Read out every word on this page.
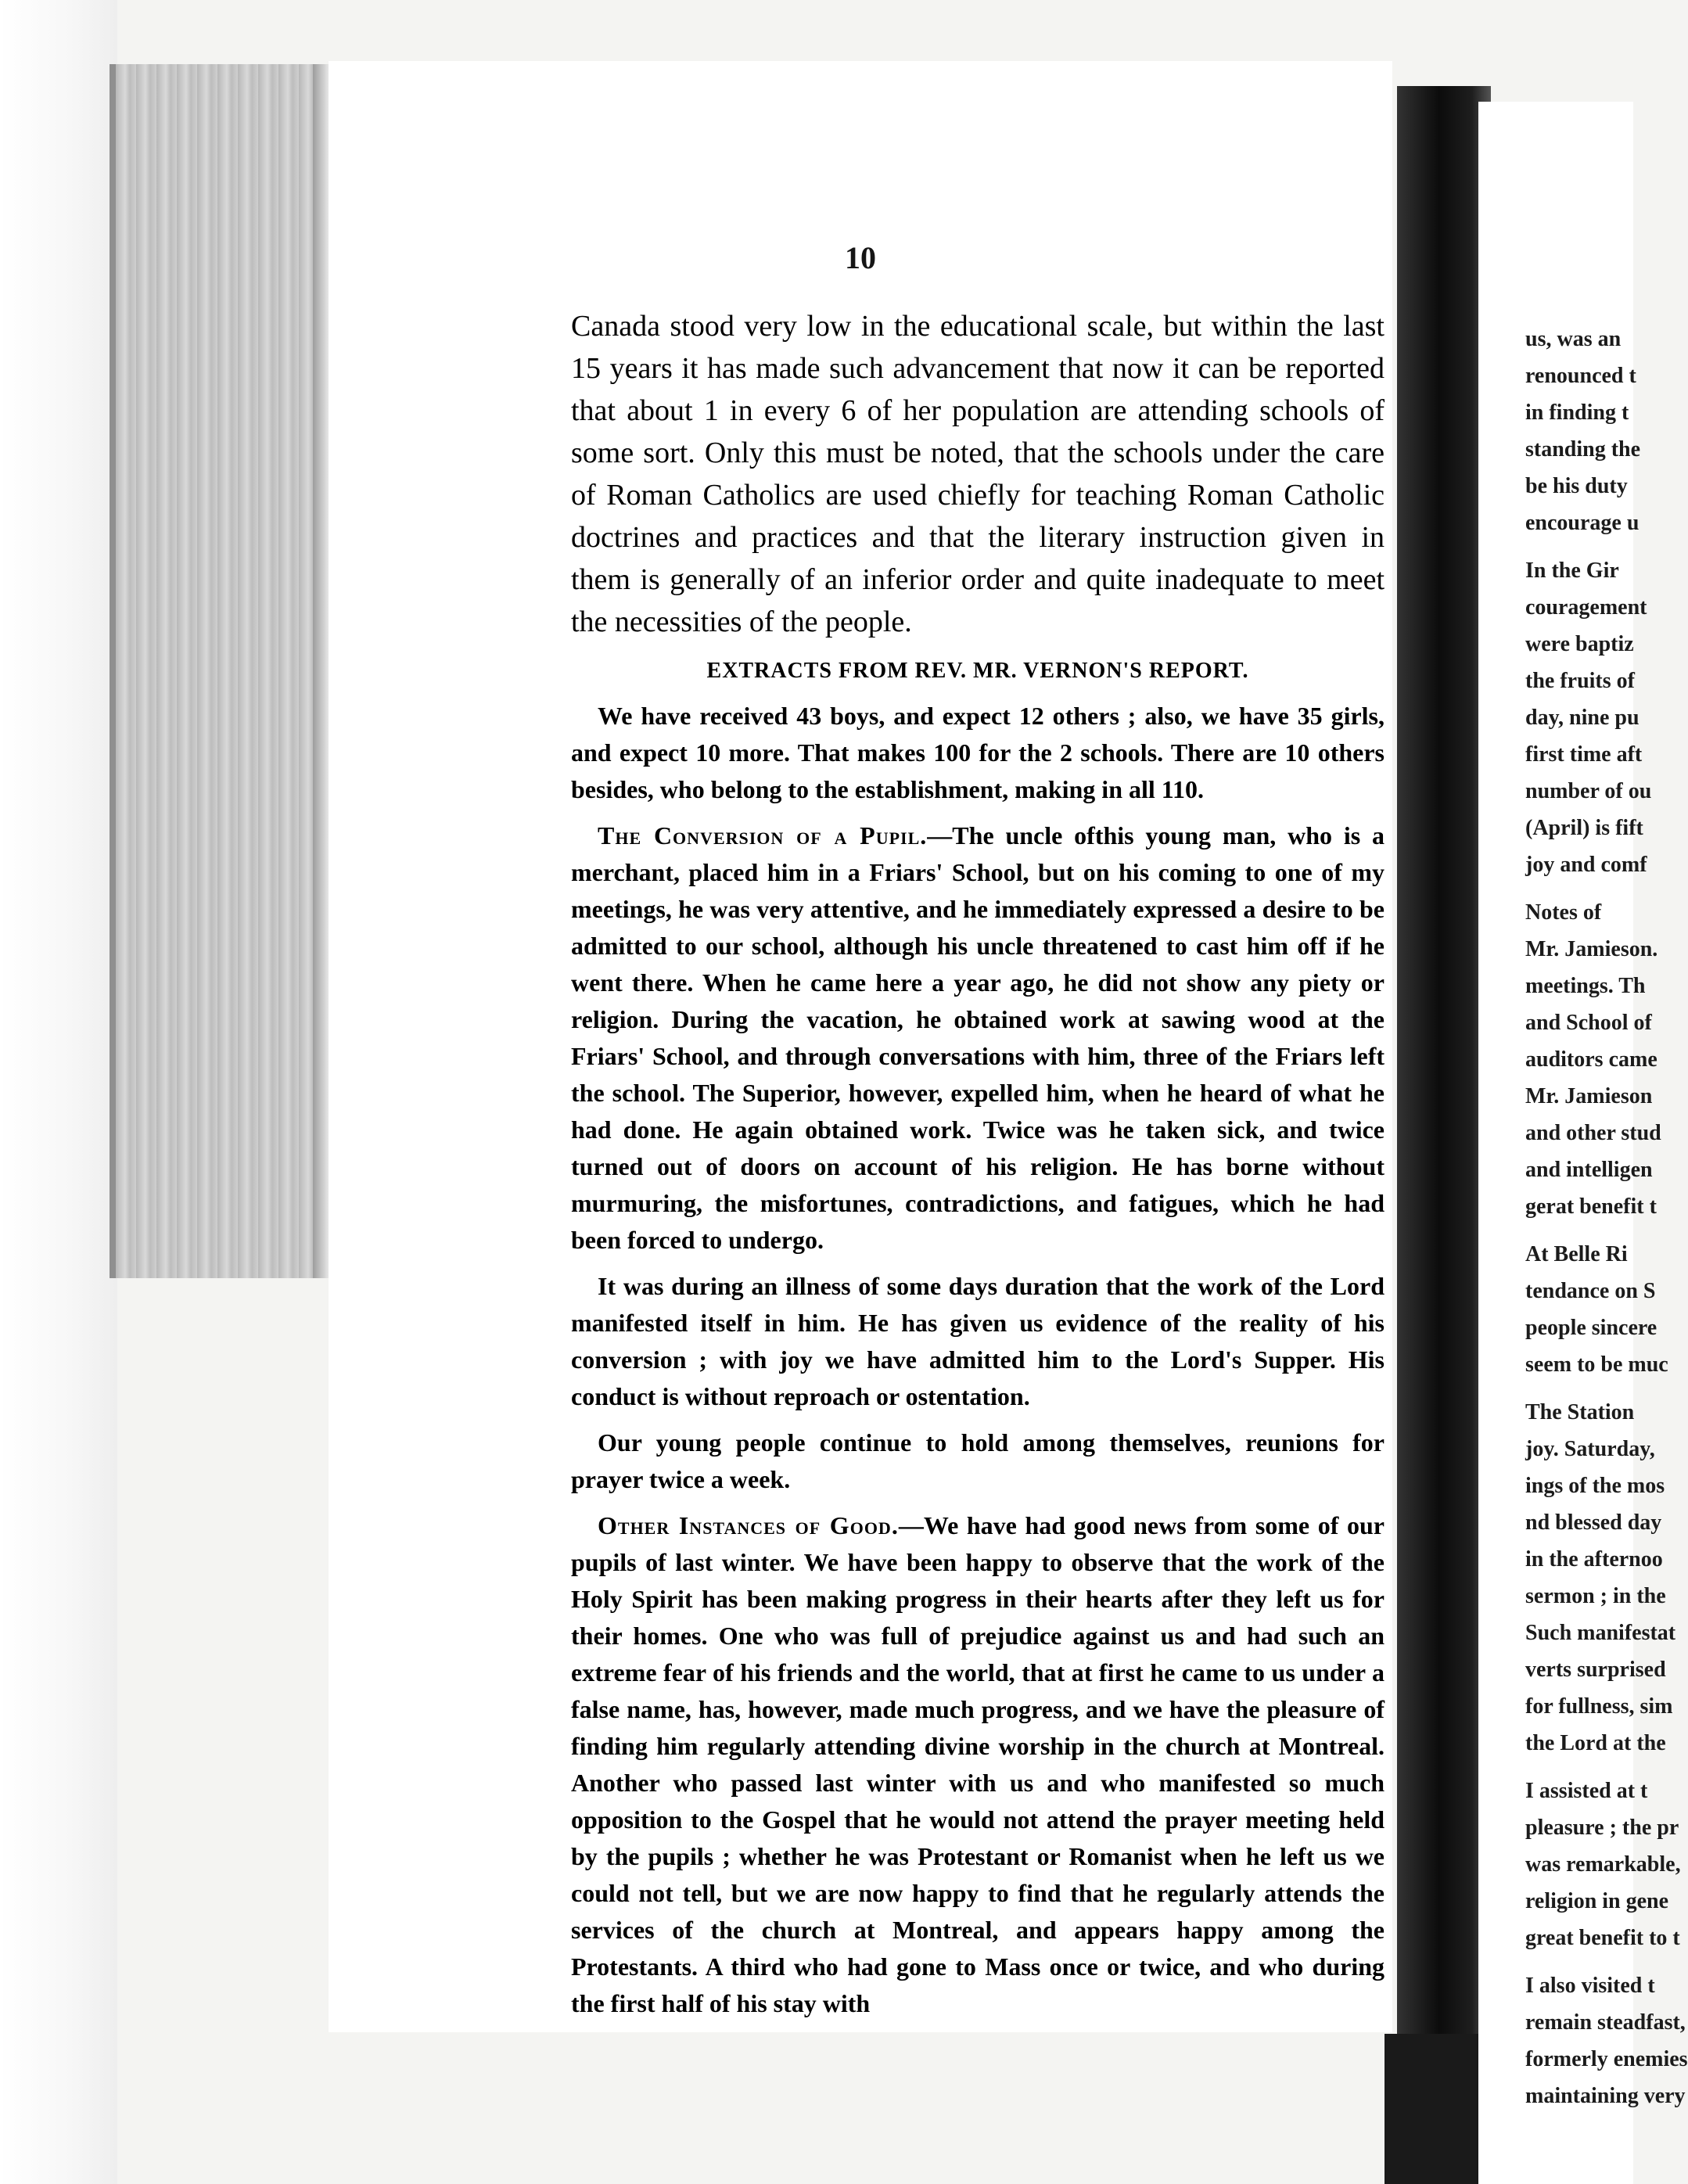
10

Canada stood very low in the educational scale, but within the last 15 years it has made such advancement that now it can be reported that about 1 in every 6 of her population are attending schools of some sort. Only this must be noted, that the schools under the care of Roman Catholics are used chiefly for teaching Roman Catholic doctrines and practices and that the literary instruction given in them is generally of an inferior order and quite inadequate to meet the necessities of the people.

EXTRACTS FROM REV. MR. VERNON'S REPORT.

We have received 43 boys, and expect 12 others ; also, we have 35 girls, and expect 10 more. That makes 100 for the 2 schools. There are 10 others besides, who belong to the establishment, making in all 110.

The Conversion of a Pupil.—The uncle ofthis young man, who is a merchant, placed him in a Friars' School, but on his coming to one of my meetings, he was very attentive, and he immediately expressed a desire to be admitted to our school, although his uncle threatened to cast him off if he went there. When he came here a year ago, he did not show any piety or religion. During the vacation, he obtained work at sawing wood at the Friars' School, and through conversations with him, three of the Friars left the school. The Superior, however, expelled him, when he heard of what he had done. He again obtained work. Twice was he taken sick, and twice turned out of doors on account of his religion. He has borne without murmuring, the misfortunes, contradictions, and fatigues, which he had been forced to undergo.

It was during an illness of some days duration that the work of the Lord manifested itself in him. He has given us evidence of the reality of his conversion ; with joy we have admitted him to the Lord's Supper. His conduct is without reproach or ostentation.

Our young people continue to hold among themselves, reunions for prayer twice a week.

Other Instances of Good.—We have had good news from some of our pupils of last winter. We have been happy to observe that the work of the Holy Spirit has been making progress in their hearts after they left us for their homes. One who was full of prejudice against us and had such an extreme fear of his friends and the world, that at first he came to us under a false name, has, however, made much progress, and we have the pleasure of finding him regularly attending divine worship in the church at Montreal. Another who passed last winter with us and who manifested so much opposition to the Gospel that he would not attend the prayer meeting held by the pupils ; whether he was Protestant or Romanist when he left us we could not tell, but we are now happy to find that he regularly attends the services of the church at Montreal, and appears happy among the Protestants. A third who had gone to Mass once or twice, and who during the first half of his stay with

us, was an
renounced t
in finding t
standing the
be his duty
encourage u
In the Gir
couragement
were baptiz
the fruits of
day, nine pu
first time aft
number of ou
(April) is fift
joy and comf
Notes of
Mr. Jamieson.
meetings. Th
and School of
auditors came
Mr. Jamieson
and other stud
and intelligen
gerat benefit t
At Belle Ri
tendance on S
people sincere
seem to be muc
The Station
joy. Saturday,
ings of the mos
nd blessed day
in the afternoo
sermon ; in the
Such manifestat
verts surprised
for fullness, sim
the Lord at the
I assisted at t
pleasure ; the pr
was remarkable,
religion in gene
great benefit to t
I also visited t
remain steadfast,
formerly enemies
maintaining very
